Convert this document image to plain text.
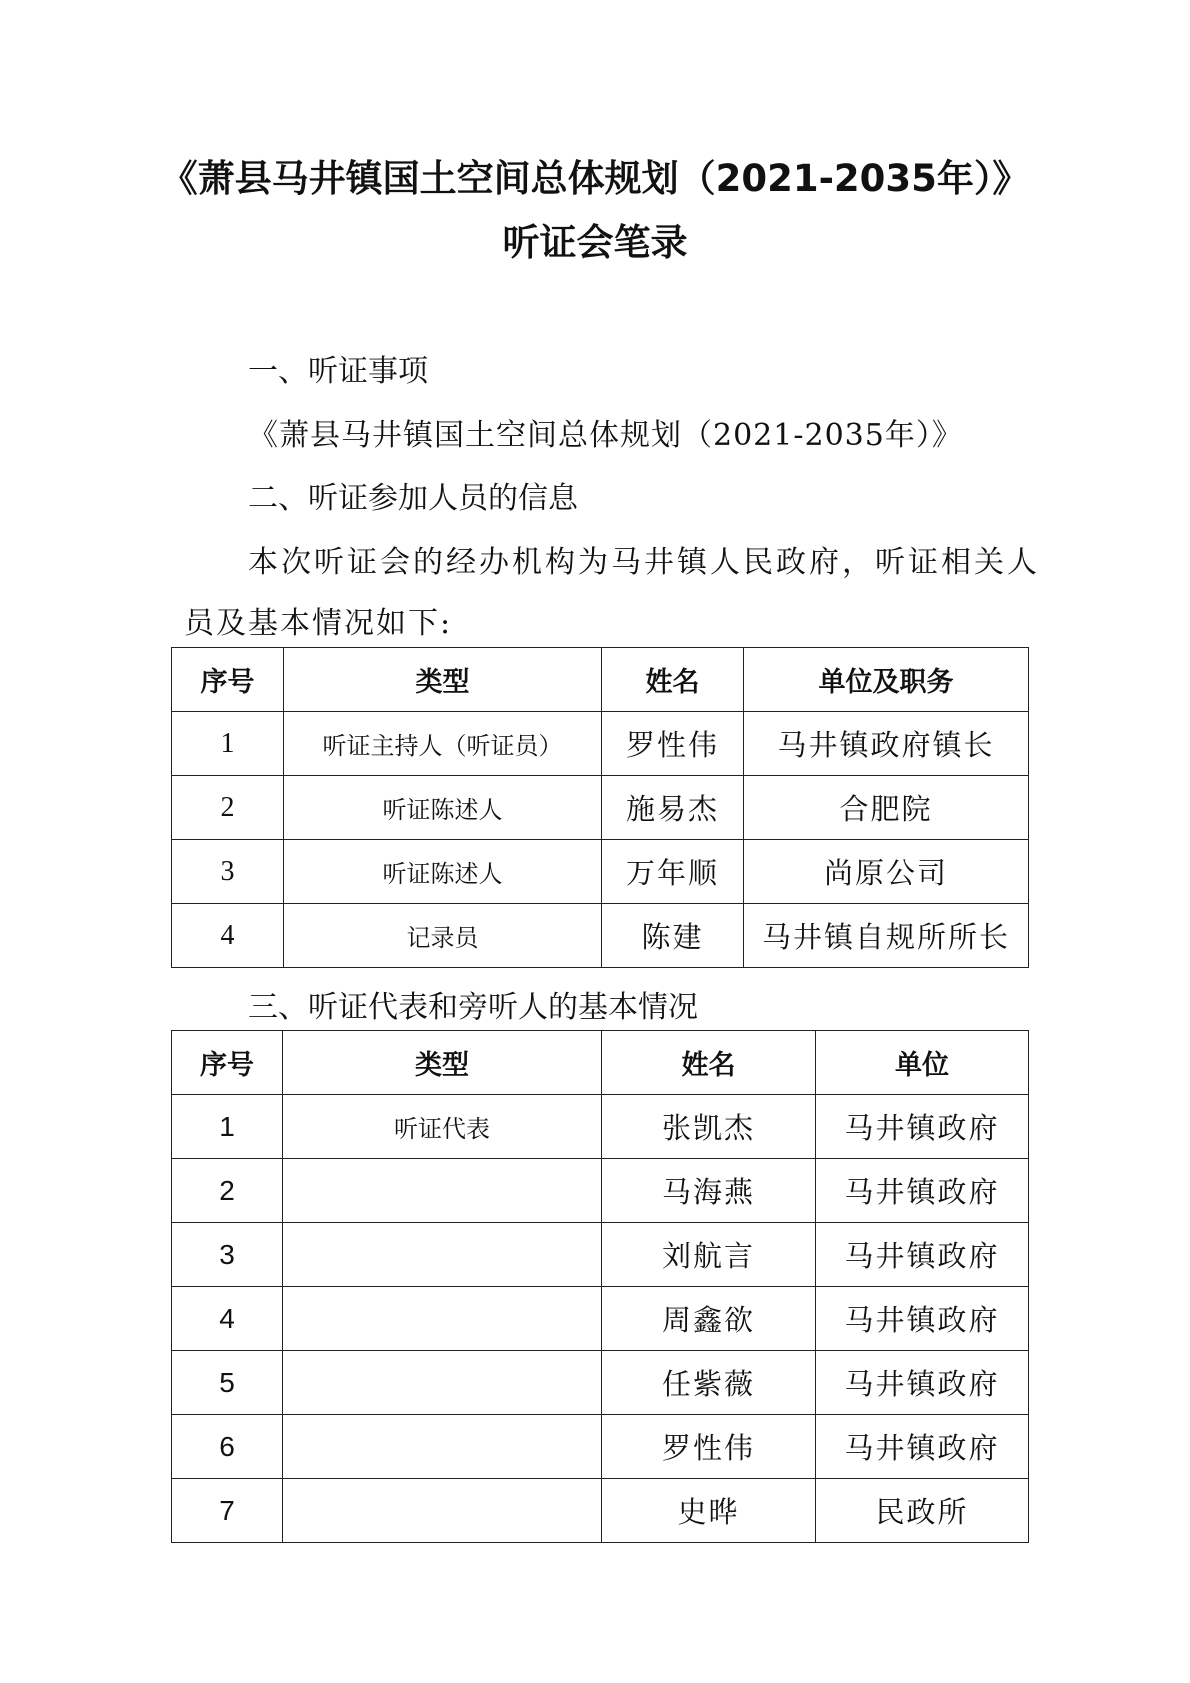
《萧县马井镇国土空间总体规划（2021-2035年）》
听证会笔录
一、听证事项

《萧县马井镇国土空间总体规划（2021-2035年）》

二、听证参加人员的信息

本次听证会的经办机构为马井镇人民政府，听证相关人

员及基本情况如下:

序号	类型	姓名	单位及职务
1	听证主持人（听证员）	罗性伟	马井镇政府镇长
2	听证陈述人	施易杰	合肥院
3	听证陈述人	万年顺	尚原公司
4	记录员	陈建	马井镇自规所所长
三、听证代表和旁听人的基本情况
序号	类型	姓名	单位
1	听证代表	张凯杰	马井镇政府
2		马海燕	马井镇政府
3		刘航言	马井镇政府
4		周鑫欲	马井镇政府
5		任紫薇	马井镇政府
6		罗性伟	马井镇政府
7		史晔	民政所
